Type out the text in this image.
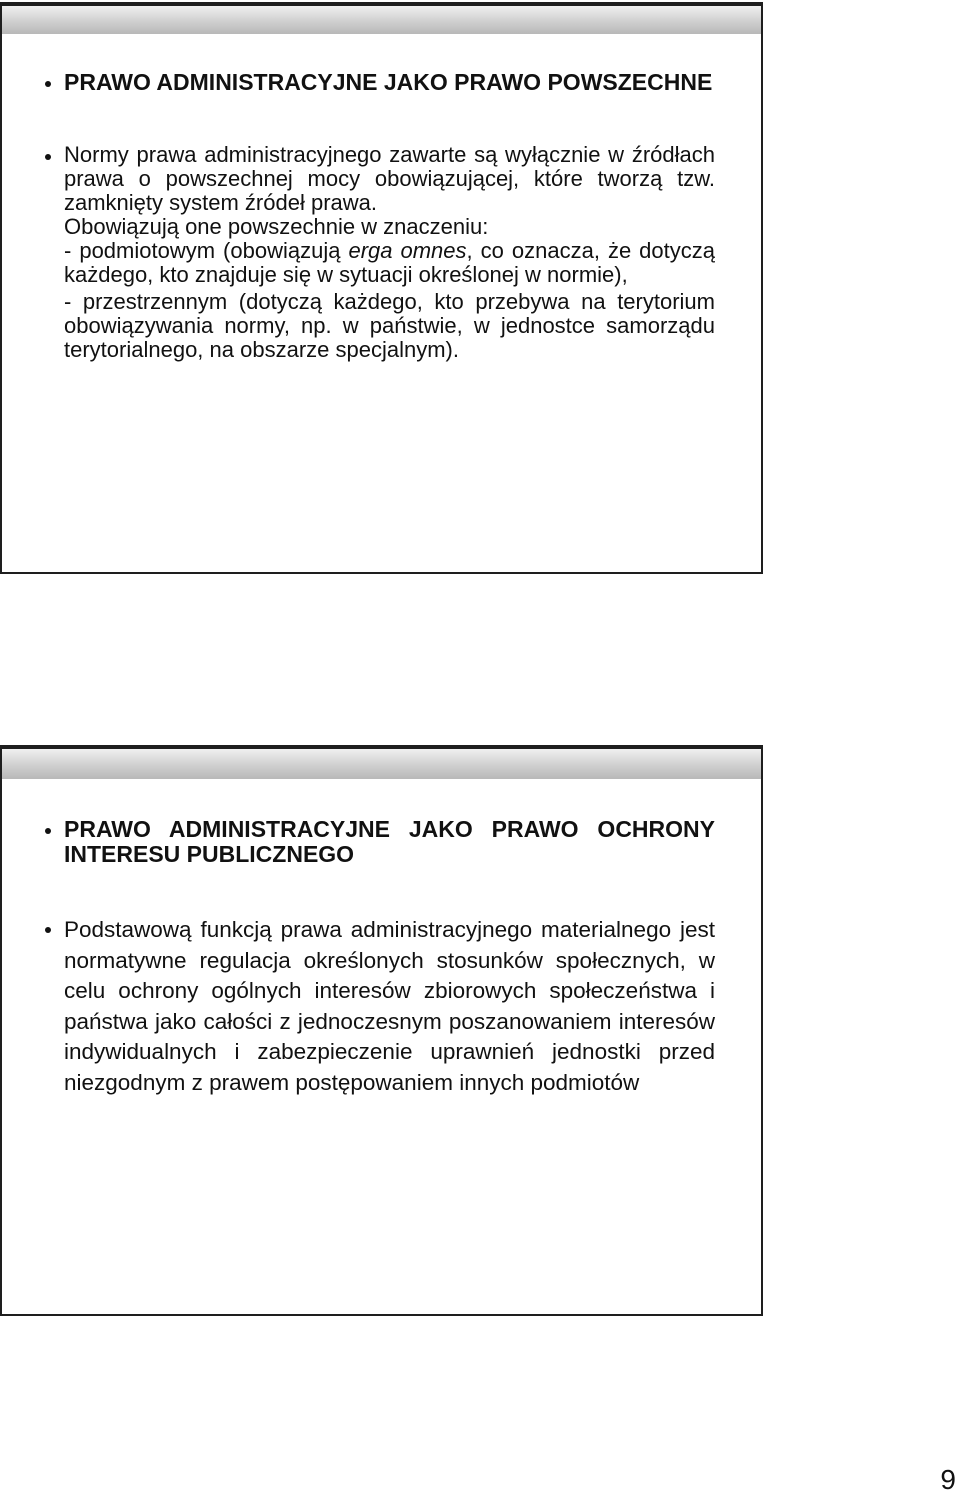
PRAWO ADMINISTRACYJNE JAKO PRAWO POWSZECHNE
Normy prawa administracyjnego zawarte są wyłącznie w źródłach prawa o powszechnej mocy obowiązującej, które tworzą tzw. zamknięty system źródeł prawa.
Obowiązują one powszechnie w znaczeniu:
- podmiotowym (obowiązują erga omnes, co oznacza, że dotyczą każdego, kto znajduje się w sytuacji określonej w normie),
- przestrzennym (dotyczą każdego, kto przebywa na terytorium obowiązywania normy, np. w państwie, w jednostce samorządu terytorialnego, na obszarze specjalnym).
PRAWO ADMINISTRACYJNE JAKO PRAWO OCHRONY INTERESU PUBLICZNEGO
Podstawową funkcją prawa administracyjnego materialnego jest normatywne regulacja określonych stosunków społecznych, w celu ochrony ogólnych interesów zbiorowych społeczeństwa i państwa jako całości z jednoczesnym poszanowaniem interesów indywidualnych i zabezpieczenie uprawnień jednostki przed niezgodnym z prawem postępowaniem innych podmiotów
9
